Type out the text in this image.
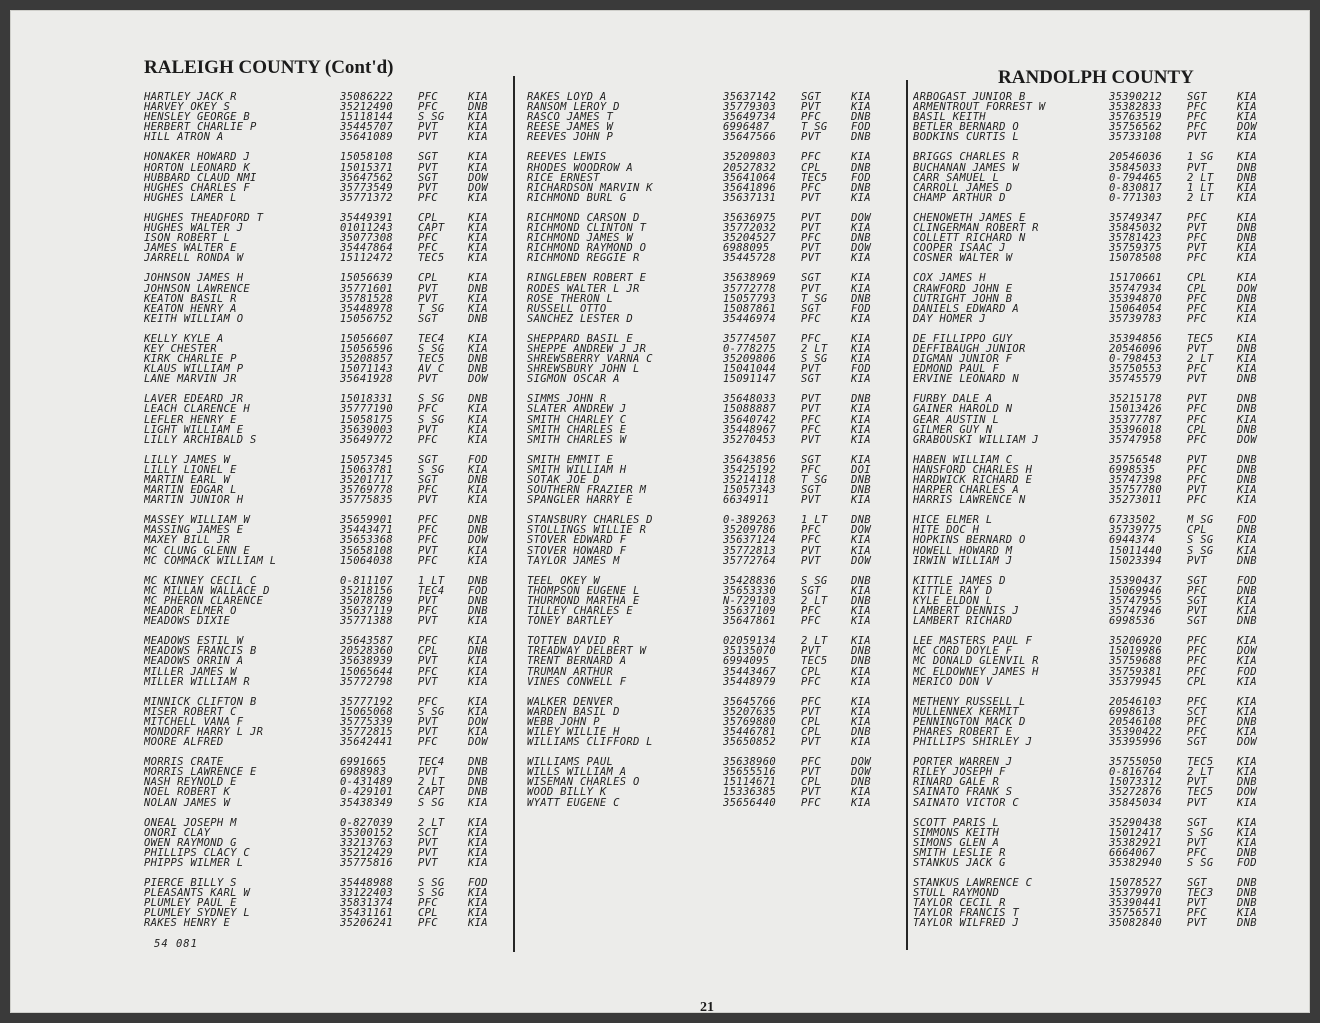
RALEIGH COUNTY (Cont'd)	RANDOLPH COUNTY
HARTLEY JACK R	35086222	PFC	KIA
HARVEY OKEY S	35212490	PFC	DNB
HENSLEY GEORGE B	15118144	S SG	KIA
HERBERT CHARLIE P	35445707	PVT	KIA
HILL ATRON A	35641089	PVT	KIA
HONAKER HOWARD J	15058108	SGT	KIA
HORTON LEONARD K	15015371	PVT	KIA
HUBBARD CLAUD NMI	35647562	SGT	DOW
HUGHES CHARLES F	35773549	PVT	DOW
HUGHES LAMER L	35771372	PFC	KIA
HUGHES THEADFORD T	35449391	CPL	KIA
HUGHES WALTER J	01011243	CAPT	KIA
ISON ROBERT L	35077308	PFC	KIA
JAMES WALTER E	35447864	PFC	KIA
JARRELL RONDA W	15112472	TEC5	KIA
JOHNSON JAMES H	15056639	CPL	KIA
JOHNSON LAWRENCE	35771601	PVT	DNB
KEATON BASIL R	35781528	PVT	KIA
KEATON HENRY A	35448978	T SG	KIA
KEITH WILLIAM O	15056752	SGT	DNB
KELLY KYLE A	15056607	TEC4	KIA
KEY CHESTER	15056596	S SG	KIA
KIRK CHARLIE P	35208857	TEC5	DNB
KLAUS WILLIAM P	15071143	AV C	DNB
LANE MARVIN JR	35641928	PVT	DOW
LAVER EDEARD JR	15018331	S SG	DNB
LEACH CLARENCE H	35777190	PFC	KIA
LEFLER HENRY E	15058175	S SG	KIA
LIGHT WILLIAM E	35639003	PVT	KIA
LILLY ARCHIBALD S	35649772	PFC	KIA
LILLY JAMES W	15057345	SGT	FOD
LILLY LIONEL E	15063781	S SG	KIA
MARTIN EARL W	35201717	SGT	DNB
MARTIN EDGAR L	35769778	PFC	KIA
MARTIN JUNIOR H	35775835	PVT	KIA
MASSEY WILLIAM W	35659901	PFC	DNB
MASSING JAMES E	35443471	PFC	DNB
MAXEY BILL JR	35653368	PFC	DOW
MC CLUNG GLENN E	35658108	PVT	KIA
MC COMMACK WILLIAM L	15064038	PFC	KIA
MC KINNEY CECIL C	0-811107	1 LT	DNB
MC MILLAN WALLACE D	35218156	TEC4	FOD
MC PHERON CLARENCE	35078789	PVT	DNB
MEADOR ELMER O	35637119	PFC	DNB
MEADOWS DIXIE	35771388	PVT	KIA
MEADOWS ESTIL W	35643587	PFC	KIA
MEADOWS FRANCIS B	20528360	CPL	DNB
MEADOWS ORRIN A	35638939	PVT	KIA
MILLER JAMES W	15065644	PFC	KIA
MILLER WILLIAM R	35772798	PVT	KIA
MINNICK CLIFTON B	35777192	PFC	KIA
MISER ROBERT C	15065068	S SG	KIA
MITCHELL VANA F	35775339	PVT	DOW
MONDORF HARRY L JR	35772815	PVT	KIA
MOORE ALFRED	35642441	PFC	DOW
MORRIS CRATE	6991665	TEC4	DNB
MORRIS LAWRENCE E	6988983	PVT	DNB
NASH REYNOLD E	0-431489	2 LT	DNB
NOEL ROBERT K	0-429101	CAPT	DNB
NOLAN JAMES W	35438349	S SG	KIA
ONEAL JOSEPH M	0-827039	2 LT	KIA
ONORI CLAY	35300152	SCT	KIA
OWEN RAYMOND G	33213763	PVT	KIA
PHILLIPS CLACY C	35212429	PVT	KIA
PHIPPS WILMER L	35775816	PVT	KIA
PIERCE BILLY S	35448988	S SG	FOD
PLEASANTS KARL W	33122403	S SG	KIA
PLUMLEY PAUL E	35831374	PFC	KIA
PLUMLEY SYDNEY L	35431161	CPL	KIA
RAKES HENRY E	35206241	PFC	KIA
RAKES LOYD A	35637142	SGT	KIA
RANSOM LEROY D	35779303	PVT	KIA
RASCO JAMES T	35649734	PFC	DNB
REESE JAMES W	6996487	T SG	FOD
REEVES JOHN P	35647566	PVT	DNB
REEVES LEWIS	35209803	PFC	KIA
RHODES WOODROW A	20527832	CPL	DNB
RICE ERNEST	35641064	TEC5	FOD
RICHARDSON MARVIN K	35641896	PFC	DNB
RICHMOND BURL G	35637131	PVT	KIA
RICHMOND CARSON D	35636975	PVT	DOW
RICHMOND CLINTON T	35772032	PVT	KIA
RICHMOND JAMES W	35204527	PFC	DNB
RICHMOND RAYMOND O	6988095	PVT	DOW
RICHMOND REGGIE R	35445728	PVT	KIA
RINGLEBEN ROBERT E	35638969	SGT	KIA
RODES WALTER L JR	35772778	PVT	KIA
ROSE THERON L	15057793	T SG	DNB
RUSSELL OTTO	15087861	SGT	FOD
SANCHEZ LESTER D	35446974	PFC	KIA
SHEPPARD BASIL E	35774507	PFC	KIA
SHEPPE ANDREW J JR	0-778275	2 LT	KIA
SHREWSBERRY VARNA C	35209806	S SG	KIA
SHREWSBURY JOHN L	15041044	PVT	FOD
SIGMON OSCAR A	15091147	SGT	KIA
SIMMS JOHN R	35648033	PVT	DNB
SLATER ANDREW J	15088887	PVT	KIA
SMITH CHARLEY C	35640742	PFC	KIA
SMITH CHARLES E	35448967	PFC	KIA
SMITH CHARLES W	35270453	PVT	KIA
SMITH EMMIT E	35643856	SGT	KIA
SMITH WILLIAM H	35425192	PFC	DOI
SOTAK JOE D	35214118	T SG	DNB
SOUTHERN FRAZIER M	15057343	SGT	DNB
SPANGLER HARRY E	6634911	PVT	KIA
STANSBURY CHARLES D	0-389263	1 LT	DNB
STOLLINGS WILLIE R	35209786	PFC	DOW
STOVER EDWARD F	35637124	PFC	KIA
STOVER HOWARD F	35772813	PVT	KIA
TAYLOR JAMES M	35772764	PVT	DOW
TEEL OKEY W	35428836	S SG	DNB
THOMPSON EUGENE L	35653330	SGT	KIA
THURMOND MARTHA E	N-729103	2 LT	DNB
TILLEY CHARLES E	35637109	PFC	KIA
TONEY BARTLEY	35647861	PFC	KIA
TOTTEN DAVID R	02059134	2 LT	KIA
TREADWAY DELBERT W	35135070	PVT	DNB
TRENT BERNARD A	6994095	TEC5	DNB
TRUMAN ARTHUR	35443467	CPL	KIA
VINES CONWELL F	35448979	PFC	KIA
WALKER DENVER	35645766	PFC	KIA
WARDEN BASIL D	35207635	PVT	KIA
WEBB JOHN P	35769880	CPL	KIA
WILEY WILLIE H	35446781	CPL	DNB
WILLIAMS CLIFFORD L	35650852	PVT	KIA
WILLIAMS PAUL	35638960	PFC	DOW
WILLS WILLIAM A	35655516	PVT	DOW
WISEMAN CHARLES O	15114671	CPL	DNB
WOOD BILLY K	15336385	PVT	KIA
WYATT EUGENE C	35656440	PFC	KIA
ARBOGAST JUNIOR B	35390212	SGT	KIA
ARMENTROUT FORREST W	35382833	PFC	KIA
BASIL KEITH	35763519	PFC	KIA
BETLER BERNARD O	35756562	PFC	DOW
BODKINS CURTIS L	35733108	PVT	KIA
BRIGGS CHARLES R	20546036	1 SG	KIA
BUCHANAN JAMES W	35845033	PVT	DNB
CARR SAMUEL L	0-794465	2 LT	DNB
CARROLL JAMES D	0-830817	1 LT	KIA
CHAMP ARTHUR D	0-771303	2 LT	KIA
CHENOWETH JAMES E	35749347	PFC	KIA
CLINGERMAN ROBERT R	35845032	PVT	DNB
COLLETT RICHARD N	35781423	PFC	DNB
COOPER ISAAC J	35759375	PVT	KIA
COSNER WALTER W	15078508	PFC	KIA
COX JAMES H	15170661	CPL	KIA
CRAWFORD JOHN E	35747934	CPL	DOW
CUTRIGHT JOHN B	35394870	PFC	DNB
DANIELS EDWARD A	15064054	PFC	KIA
DAY HOMER J	35739783	PFC	KIA
DE FILLIPPO GUY	35394856	TEC5	KIA
DEFFIBAUGH JUNIOR	20546096	PVT	DNB
DIGMAN JUNIOR F	0-798453	2 LT	KIA
EDMOND PAUL F	35750553	PFC	KIA
ERVINE LEONARD N	35745579	PVT	DNB
FURBY DALE A	35215178	PVT	DNB
GAINER HAROLD N	15013426	PFC	DNB
GEAR AUSTIN L	35377787	PFC	KIA
GILMER GUY N	35396018	CPL	DNB
GRABOUSKI WILLIAM J	35747958	PFC	DOW
HABEN WILLIAM C	35756548	PVT	DNB
HANSFORD CHARLES H	6998535	PFC	DNB
HARDWICK RICHARD E	35747398	PFC	DNB
HARPER CHARLES A	35757780	PVT	KIA
HARRIS LAWRENCE N	35273011	PFC	KIA
HICE ELMER L	6733502	M SG	FOD
HITE DOC H	35739775	CPL	DNB
HOPKINS BERNARD O	6944374	S SG	KIA
HOWELL HOWARD M	15011440	S SG	KIA
IRWIN WILLIAM J	15023394	PVT	DNB
KITTLE JAMES D	35390437	SGT	FOD
KITTLE RAY D	15069946	PFC	DNB
KYLE ELDON L	35747955	SGT	KIA
LAMBERT DENNIS J	35747946	PVT	KIA
LAMBERT RICHARD	6998536	SGT	DNB
LEE MASTERS PAUL F	35206920	PFC	KIA
MC CORD DOYLE F	15019986	PFC	DOW
MC DONALD GLENVIL R	35759688	PFC	KIA
MC ELDOWNEY JAMES H	35759381	PFC	FOD
MERICO DON V	35379945	CPL	KIA
METHENY RUSSELL L	20546103	PFC	KIA
MULLENNEX KERMIT	6998613	SCT	KIA
PENNINGTON MACK D	20546108	PFC	DNB
PHARES ROBERT E	35390422	PFC	KIA
PHILLIPS SHIRLEY J	35395996	SGT	DOW
PORTER WARREN J	35755050	TEC5	KIA
RILEY JOSEPH F	0-816764	2 LT	KIA
RINARD GALE R	15073312	PVT	DNB
SAINATO FRANK S	35272876	TEC5	DOW
SAINATO VICTOR C	35845034	PVT	KIA
SCOTT PARIS L	35290438	SGT	KIA
SIMMONS KEITH	15012417	S SG	KIA
SIMONS GLEN A	35382921	PVT	KIA
SMITH LESLIE R	6664067	PFC	DNB
STANKUS JACK G	35382940	S SG	FOD
STANKUS LAWRENCE C	15078527	SGT	DNB
STULL RAYMOND	35379970	TEC3	DNB
TAYLOR CECIL R	35390441	PVT	DNB
TAYLOR FRANCIS T	35756571	PFC	KIA
TAYLOR WILFRED J	35082840	PVT	DNB
54 081
21
